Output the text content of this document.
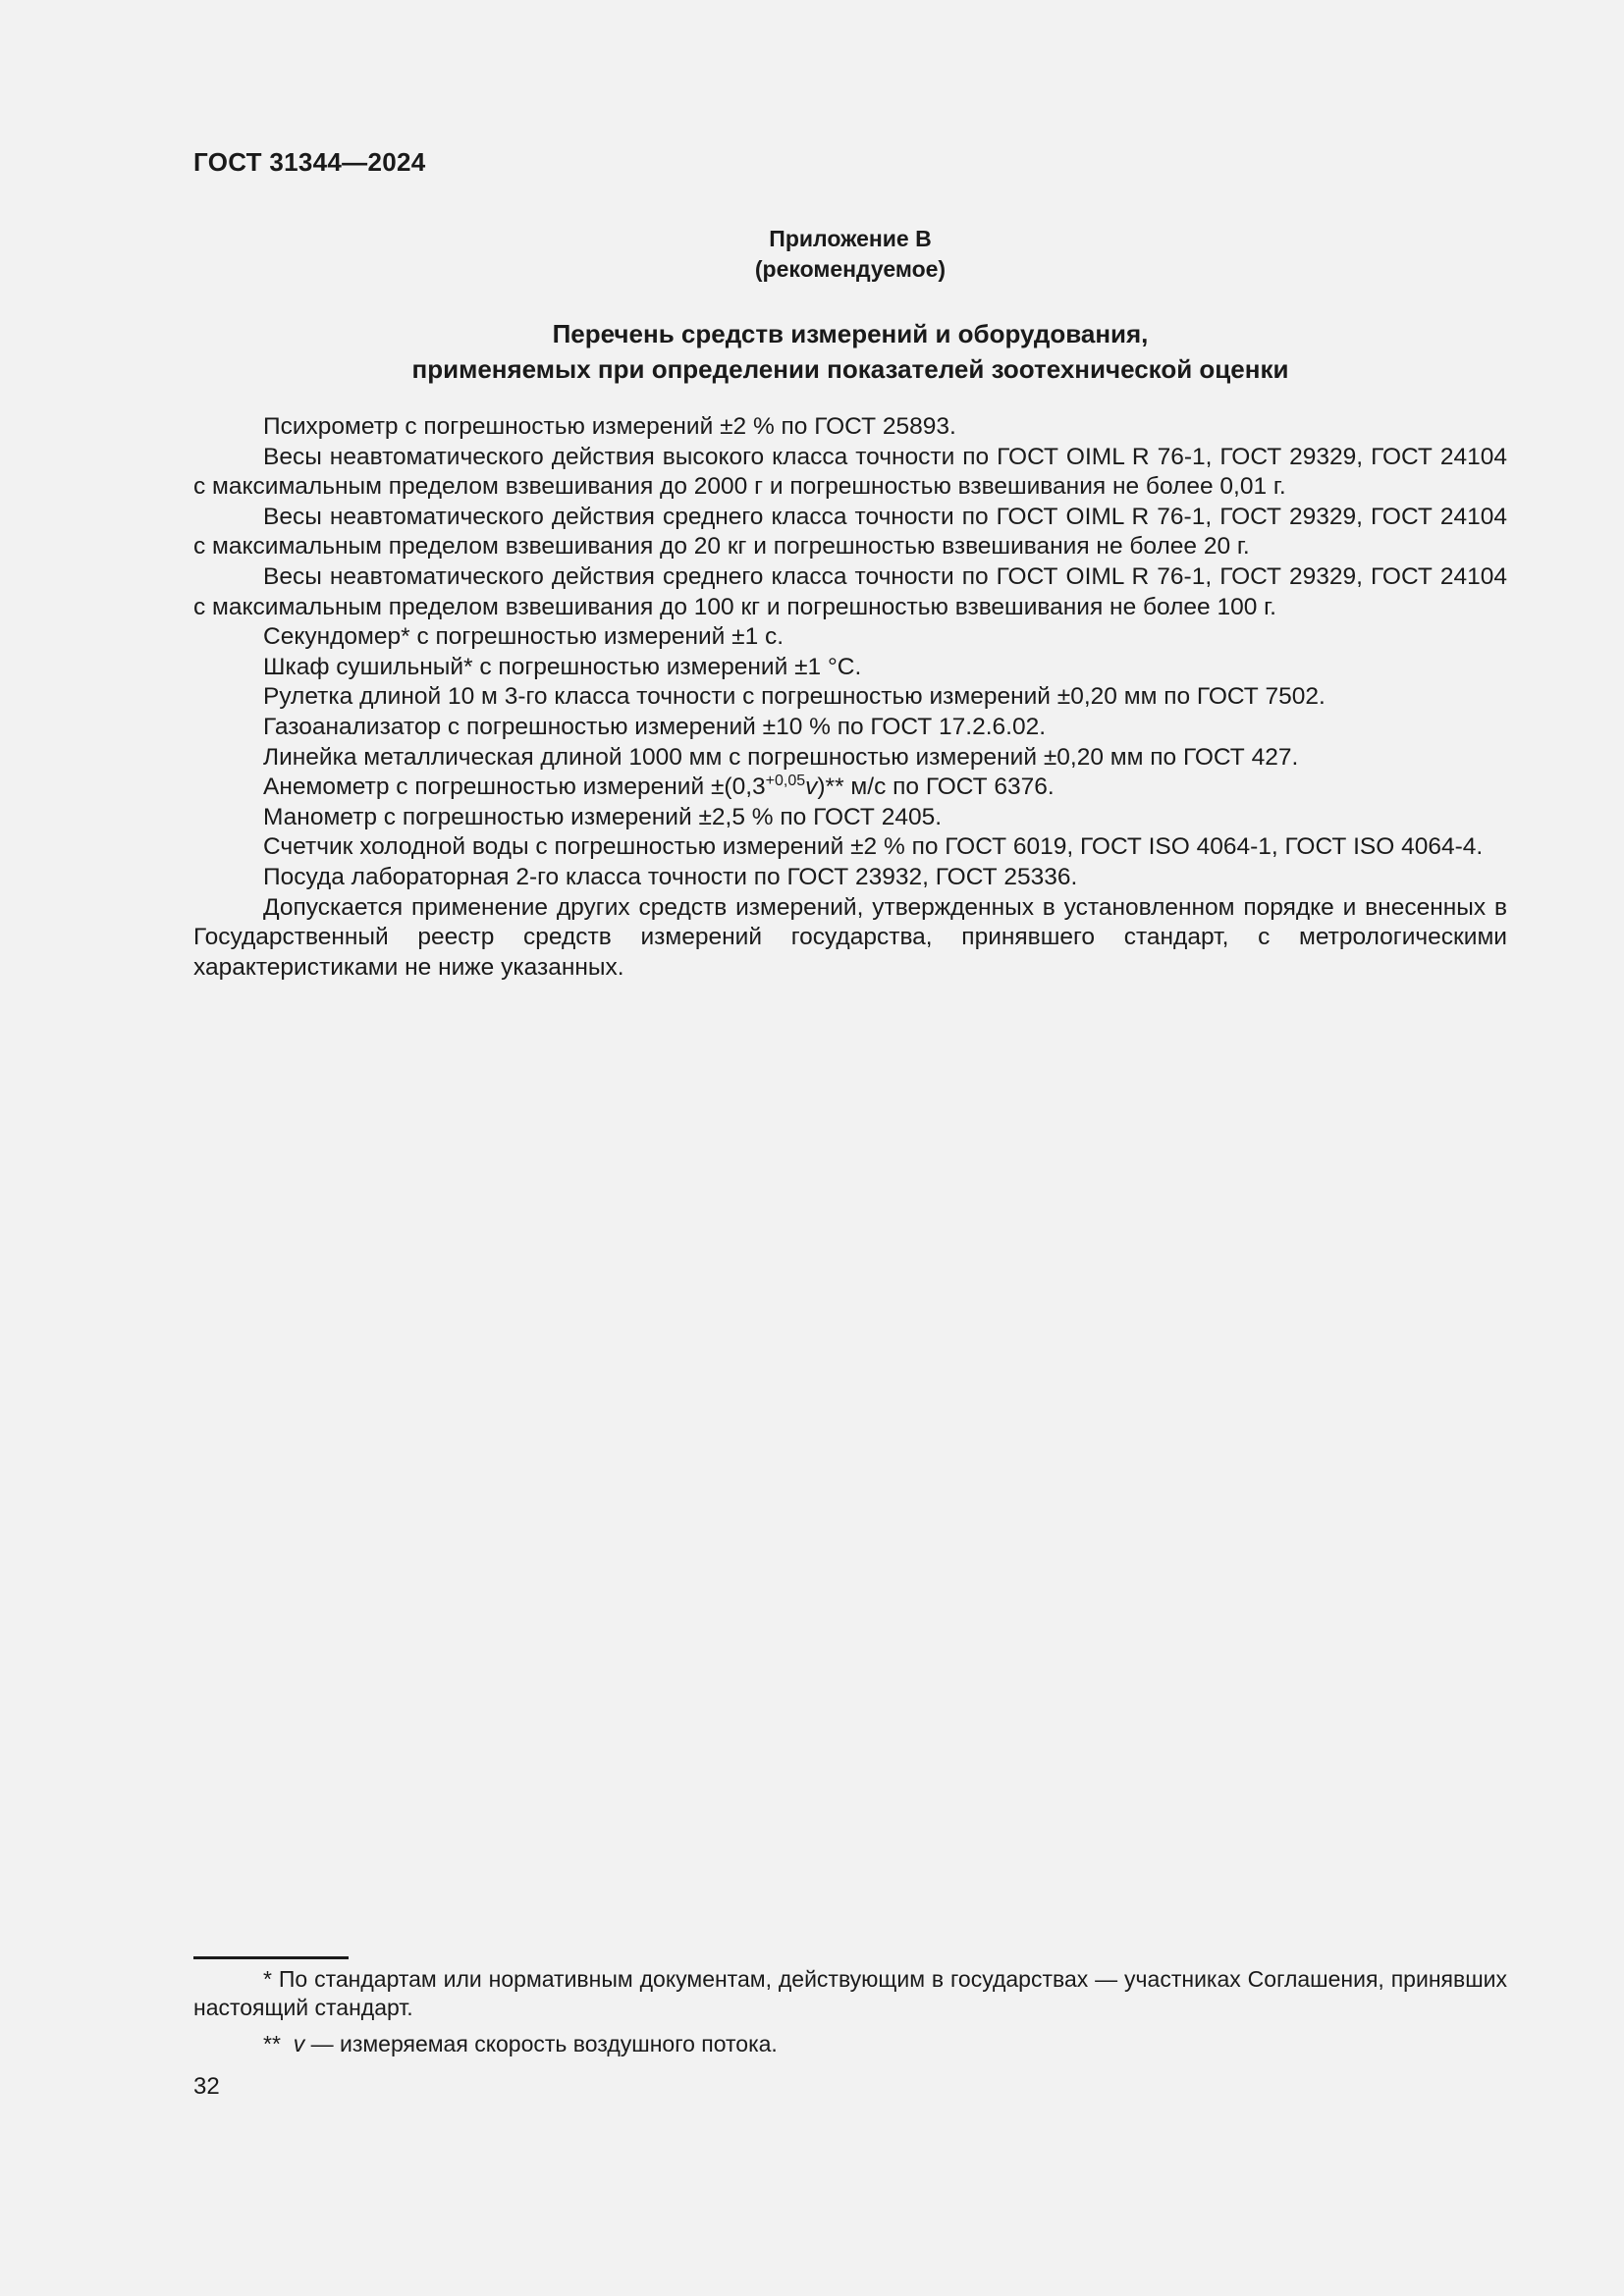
ГОСТ 31344—2024
Приложение В
(рекомендуемое)
Перечень средств измерений и оборудования,
применяемых при определении показателей зоотехнической оценки

Психрометр с погрешностью измерений ±2 % по ГОСТ 25893.

Весы неавтоматического действия высокого класса точности по ГОСТ OIML R 76-1, ГОСТ 29329, ГОСТ 24104 с максимальным пределом взвешивания до 2000 г и погрешностью взвешивания не более 0,01 г.

Весы неавтоматического действия среднего класса точности по ГОСТ OIML R 76-1, ГОСТ 29329, ГОСТ 24104 с максимальным пределом взвешивания до 20 кг и погрешностью взвешивания не более 20 г.

Весы неавтоматического действия среднего класса точности по ГОСТ OIML R 76-1, ГОСТ 29329, ГОСТ 24104 с максимальным пределом взвешивания до 100 кг и погрешностью взвешивания не более 100 г.

Секундомер* с погрешностью измерений ±1 с.

Шкаф сушильный* с погрешностью измерений ±1 °С.

Рулетка длиной 10 м 3-го класса точности с погрешностью измерений ±0,20 мм по ГОСТ 7502.

Газоанализатор с погрешностью измерений ±10 % по ГОСТ 17.2.6.02.

Линейка металлическая длиной 1000 мм с погрешностью измерений ±0,20 мм по ГОСТ 427.

Анемометр с погрешностью измерений $\pm(0,3^{+0,05}v)**$ м/с по ГОСТ 6376.

Манометр с погрешностью измерений ±2,5 % по ГОСТ 2405.

Счетчик холодной воды с погрешностью измерений ±2 % по ГОСТ 6019, ГОСТ ISO 4064-1, ГОСТ ISO 4064-4.

Посуда лабораторная 2-го класса точности по ГОСТ 23932, ГОСТ 25336.

Допускается применение других средств измерений, утвержденных в установленном порядке и внесенных в Государственный реестр средств измерений государства, принявшего стандарт, с метрологическими характеристиками не ниже указанных.

* По стандартам или нормативным документам, действующим в государствах — участниках Соглашения, принявших настоящий стандарт.

** v — измеряемая скорость воздушного потока.

32
